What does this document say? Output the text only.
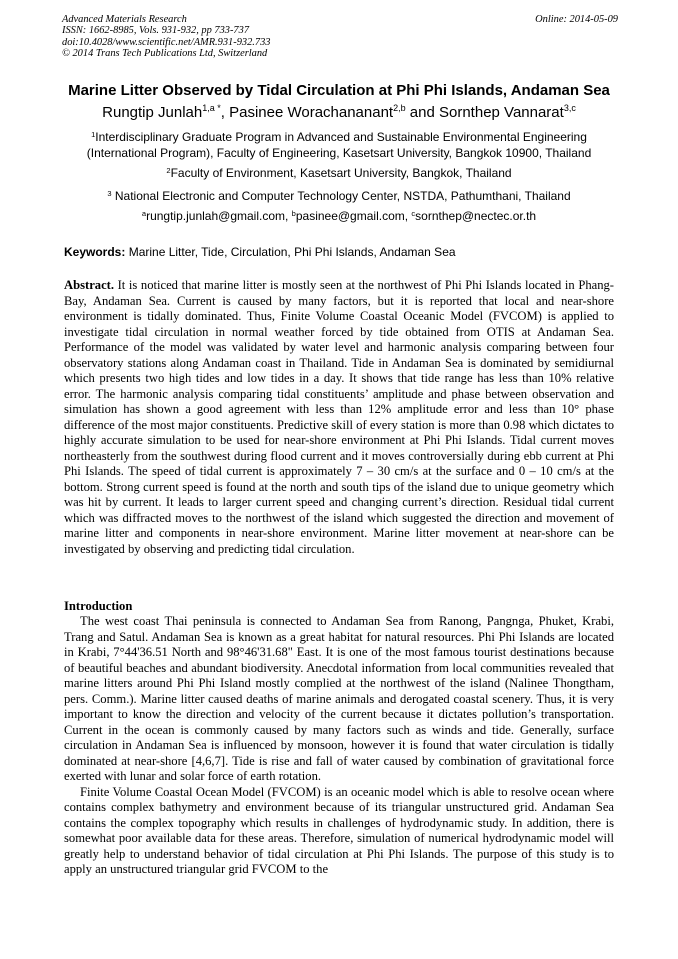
Advanced Materials Research	Online: 2014-05-09
ISSN: 1662-8985, Vols. 931-932, pp 733-737
doi:10.4028/www.scientific.net/AMR.931-932.733
© 2014 Trans Tech Publications Ltd, Switzerland
Marine Litter Observed by Tidal Circulation at Phi Phi Islands, Andaman Sea
Rungtip Junlah$^{1,a *}$, Pasinee Worachananant$^{2,b}$ and Sornthep Vannarat$^{3,c}$
$^1$Interdisciplinary Graduate Program in Advanced and Sustainable Environmental Engineering
(International Program), Faculty of Engineering, Kasetsart University, Bangkok 10900, Thailand
$^2$Faculty of Environment, Kasetsart University, Bangkok, Thailand
$^3$ National Electronic and Computer Technology Center, NSTDA, Pathumthani, Thailand
$^a$rungtip.junlah@gmail.com, $^b$pasinee@gmail.com, $^c$sornthep@nectec.or.th
Keywords: Marine Litter, Tide, Circulation, Phi Phi Islands, Andaman Sea
Abstract. It is noticed that marine litter is mostly seen at the northwest of Phi Phi Islands located in Phang-Bay, Andaman Sea. Current is caused by many factors, but it is reported that local and near-shore environment is tidally dominated. Thus, Finite Volume Coastal Oceanic Model (FVCOM) is applied to investigate tidal circulation in normal weather forced by tide obtained from OTIS at Andaman Sea. Performance of the model was validated by water level and harmonic analysis comparing between four observatory stations along Andaman coast in Thailand. Tide in Andaman Sea is dominated by semidiurnal which presents two high tides and low tides in a day. It shows that tide range has less than 10% relative error. The harmonic analysis comparing tidal constituents’ amplitude and phase between observation and simulation has shown a good agreement with less than 12% amplitude error and less than 10° phase difference of the most major constituents. Predictive skill of every station is more than 0.98 which dictates to highly accurate simulation to be used for near-shore environment at Phi Phi Islands. Tidal current moves northeasterly from the southwest during flood current and it moves controversially during ebb current at Phi Phi Islands. The speed of tidal current is approximately 7 – 30 cm/s at the surface and 0 – 10 cm/s at the bottom. Strong current speed is found at the north and south tips of the island due to unique geometry which was hit by current. It leads to larger current speed and changing current’s direction. Residual tidal current which was diffracted moves to the northwest of the island which suggested the direction and movement of marine litter and components in near-shore environment. Marine litter movement at near-shore can be investigated by observing and predicting tidal circulation.
Introduction
The west coast Thai peninsula is connected to Andaman Sea from Ranong, Pangnga, Phuket, Krabi, Trang and Satul. Andaman Sea is known as a great habitat for natural resources. Phi Phi Islands are located in Krabi, 7°44'36.51 North and 98°46'31.68" East. It is one of the most famous tourist destinations because of beautiful beaches and abundant biodiversity. Anecdotal information from local communities revealed that marine litters around Phi Phi Island mostly complied at the northwest of the island (Nalinee Thongtham, pers. Comm.). Marine litter caused deaths of marine animals and derogated coastal scenery. Thus, it is very important to know the direction and velocity of the current because it dictates pollution’s transportation. Current in the ocean is commonly caused by many factors such as winds and tide. Generally, surface circulation in Andaman Sea is influenced by monsoon, however it is found that water circulation is tidally dominated at near-shore [4,6,7]. Tide is rise and fall of water caused by combination of gravitational force exerted with lunar and solar force of earth rotation.
Finite Volume Coastal Ocean Model (FVCOM) is an oceanic model which is able to resolve ocean where contains complex bathymetry and environment because of its triangular unstructured grid. Andaman Sea contains the complex topography which results in challenges of hydrodynamic study. In addition, there is somewhat poor available data for these areas. Therefore, simulation of numerical hydrodynamic model will greatly help to understand behavior of tidal circulation at Phi Phi Islands. The purpose of this study is to apply an unstructured triangular grid FVCOM to the
